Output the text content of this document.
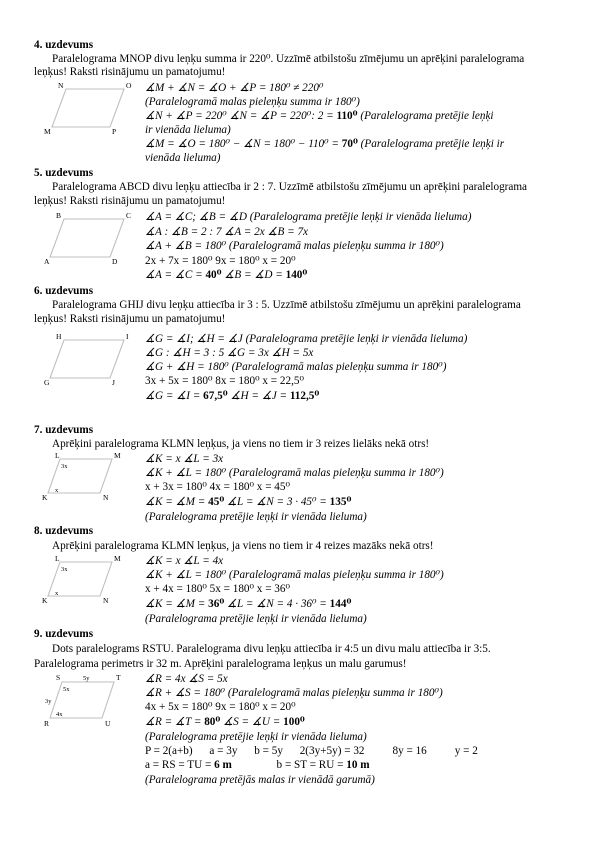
4. uzdevums
Paralelograma MNOP divu leņķu summa ir 220⁰. Uzzīmē atbilstošu zīmējumu un aprēķini paralelograma
leņķus! Raksti risinājumu un pamatojumu!
N	O
M	P
∡M + ∡N = ∡O + ∡P = 180⁰ ≠ 220⁰
(Paralelogramā malas pieleņķu summa ir 180⁰)
∡N + ∡P = 220⁰ ∡N = ∡P = 220⁰: 2 = 110⁰ (Paralelograma pretējie leņķi
ir vienāda lieluma)
∡M = ∡O = 180⁰ − ∡N = 180⁰ − 110⁰ = 70⁰ (Paralelograma pretējie leņķi ir
vienāda lieluma)
5. uzdevums
Paralelograma ABCD divu leņķu attiecība ir 2 : 7. Uzzīmē atbilstošu zīmējumu un aprēķini paralelograma
leņķus! Raksti risinājumu un pamatojumu!
B	C
A	D
∡A = ∡C; ∡B = ∡D (Paralelograma pretējie leņķi ir vienāda lieluma)
∡A : ∡B = 2 : 7 ∡A = 2x ∡B = 7x
∡A + ∡B = 180⁰ (Paralelogramā malas pieleņķu summa ir 180⁰)
2x + 7x = 180⁰ 9x = 180⁰ x = 20⁰
∡A = ∡C = 40⁰ ∡B = ∡D = 140⁰
6. uzdevums
Paralelograma GHIJ divu leņķu attiecība ir 3 : 5. Uzzīmē atbilstošu zīmējumu un aprēķini paralelograma
leņķus! Raksti risinājumu un pamatojumu!
H	I
G	J
∡G = ∡I; ∡H = ∡J (Paralelograma pretējie leņķi ir vienāda lieluma)
∡G : ∡H = 3 : 5 ∡G = 3x ∡H = 5x
∡G + ∡H = 180⁰ (Paralelogramā malas pieleņķu summa ir 180⁰)
3x + 5x = 180⁰ 8x = 180⁰ x = 22,5⁰
∡G = ∡I = 67,5⁰ ∡H = ∡J = 112,5⁰
7. uzdevums
Aprēķini paralelograma KLMN leņķus, ja viens no tiem ir 3 reizes lielāks nekā otrs!
L	M
K	N
3x
x
∡K = x ∡L = 3x
∡K + ∡L = 180⁰ (Paralelogramā malas pieleņķu summa ir 180⁰)
x + 3x = 180⁰ 4x = 180⁰ x = 45⁰
∡K = ∡M = 45⁰ ∡L = ∡N = 3 · 45⁰ = 135⁰
(Paralelograma pretējie leņķi ir vienāda lieluma)
8. uzdevums
Aprēķini paralelograma KLMN leņķus, ja viens no tiem ir 4 reizes mazāks nekā otrs!
L	M
K	N
3x
x
∡K = x ∡L = 4x
∡K + ∡L = 180⁰ (Paralelogramā malas pieleņķu summa ir 180⁰)
x + 4x = 180⁰ 5x = 180⁰ x = 36⁰
∡K = ∡M = 36⁰ ∡L = ∡N = 4 · 36⁰ = 144⁰
(Paralelograma pretējie leņķi ir vienāda lieluma)
9. uzdevums
Dots paralelograms RSTU. Paralelograma divu leņķu attiecība ir 4:5 un divu malu attiecība ir 3:5.
Paralelograma perimetrs ir 32 m. Aprēķini paralelograma leņķus un malu garumus!
S	T
R	U
5y
3y
5x
4x
∡R = 4x ∡S = 5x
∡R + ∡S = 180⁰ (Paralelogramā malas pieleņķu summa ir 180⁰)
4x + 5x = 180⁰ 9x = 180⁰ x = 20⁰
∡R = ∡T = 80⁰ ∡S = ∡U = 100⁰
(Paralelograma pretējie leņķi ir vienāda lieluma)
P = 2(a+b)      a = 3y      b = 5y      2(3y+5y) = 32          8y = 16          y = 2
a = RS = TU = 6 m                b = ST = RU = 10 m
(Paralelograma pretējās malas ir vienādā garumā)
